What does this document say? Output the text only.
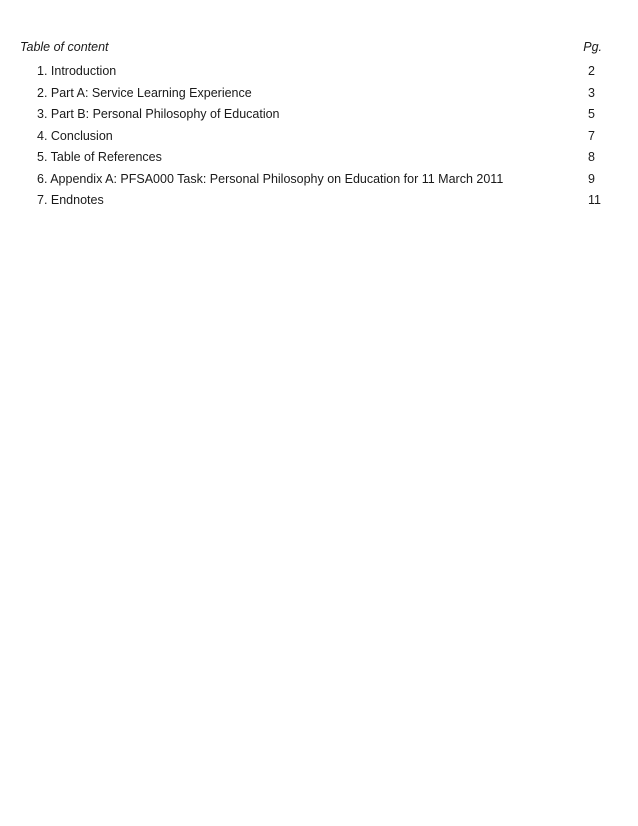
Table of content	Pg.
1. Introduction	2
2. Part A: Service Learning Experience	3
3. Part B: Personal Philosophy of Education	5
4. Conclusion	7
5. Table of References	8
6. Appendix A: PFSA000 Task: Personal Philosophy on Education for 11 March 2011	9
7. Endnotes	11
